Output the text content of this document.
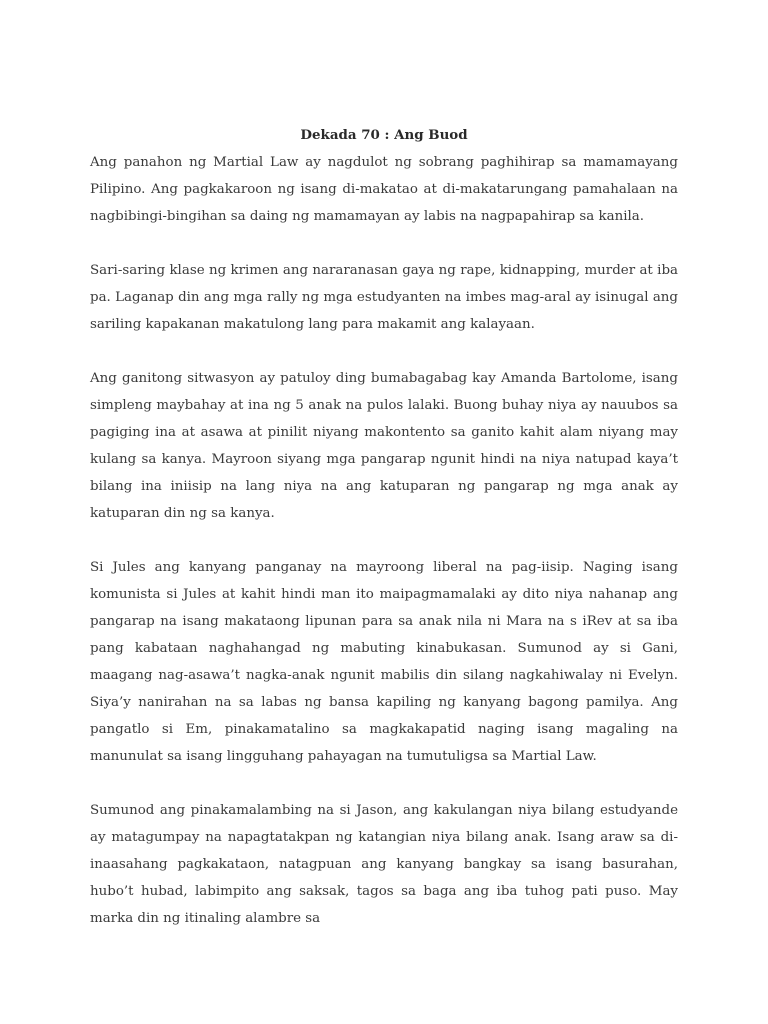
Dekada 70 : Ang Buod

Ang panahon ng Martial Law ay nagdulot ng sobrang paghihirap sa mamamayang Pilipino. Ang pagkakaroon ng isang di-makatao at di-makatarungang pamahalaan na nagbibingi-bingihan sa daing ng mamamayan ay labis na nagpapahirap sa kanila.

Sari-saring klase ng krimen ang nararanasan gaya ng rape, kidnapping, murder at iba pa. Laganap din ang mga rally ng mga estudyanten na imbes mag-aral ay isinugal ang sariling kapakanan makatulong lang para makamit ang kalayaan.

Ang ganitong sitwasyon ay patuloy ding bumabagabag kay Amanda Bartolome, isang simpleng maybahay at ina ng 5 anak na pulos lalaki. Buong buhay niya ay nauubos sa pagiging ina at asawa at pinilit niyang makontento sa ganito kahit alam niyang may kulang sa kanya. Mayroon siyang mga pangarap ngunit hindi na niya natupad kaya’t bilang ina iniisip na lang niya na ang katuparan ng pangarap ng mga anak ay katuparan din ng sa kanya.

Si Jules ang kanyang panganay na mayroong liberal na pag-iisip. Naging isang komunista si Jules at kahit hindi man ito maipagmamalaki ay dito niya nahanap ang pangarap na isang makataong lipunan para sa anak nila ni Mara na s iRev at sa iba pang kabataan naghahangad ng mabuting kinabukasan. Sumunod ay si Gani, maagang nag-asawa’t nagka-anak ngunit mabilis din silang nagkahiwalay ni Evelyn. Siya’y nanirahan na sa labas ng bansa kapiling ng kanyang bagong pamilya. Ang pangatlo si Em, pinakamatalino sa magkakapatid naging isang magaling na manunulat sa isang lingguhang pahayagan na tumutuligsa sa Martial Law.

Sumunod ang pinakamalambing na si Jason, ang kakulangan niya bilang estudyande ay matagumpay na napagtatakpan ng katangian niya bilang anak. Isang araw sa di-inaasahang pagkakataon, natagpuan ang kanyang bangkay sa isang basurahan, hubo’t hubad, labimpito ang saksak, tagos sa baga ang iba tuhog pati puso. May marka din ng itinaling alambre sa
